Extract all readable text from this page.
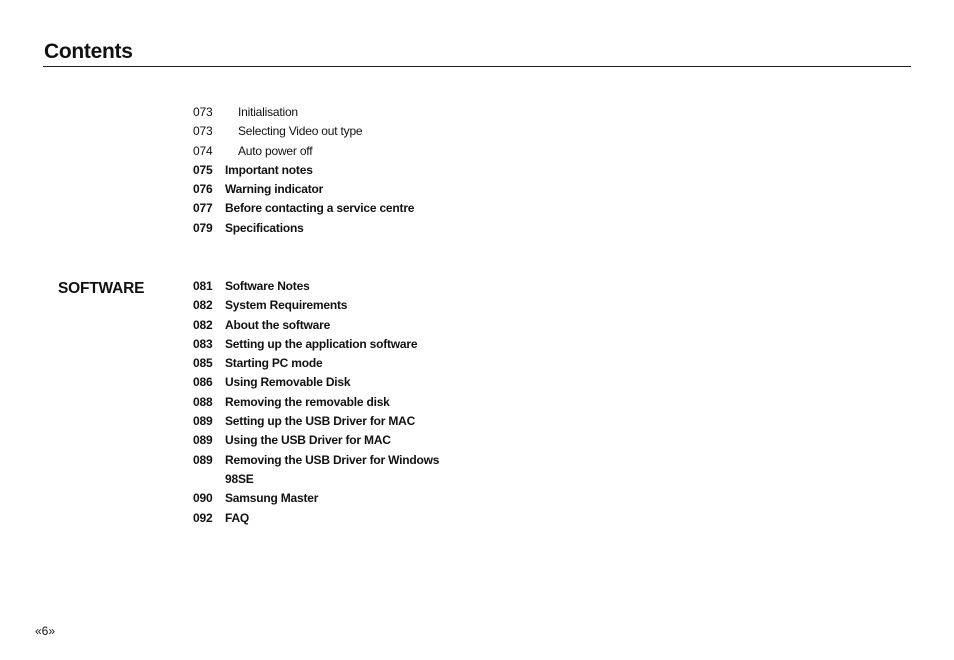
Contents
073	Initialisation
073	Selecting Video out type
074	Auto power off
075	Important notes
076	Warning indicator
077	Before contacting a service centre
079	Specifications
SOFTWARE	081	Software Notes
082	System Requirements
082	About the software
083	Setting up the application software
085	Starting PC mode
086	Using Removable Disk
088	Removing the removable disk
089	Setting up the USB Driver for MAC
089	Using the USB Driver for MAC
089	Removing the USB Driver for Windows 98SE
090	Samsung Master
092	FAQ
«6»
